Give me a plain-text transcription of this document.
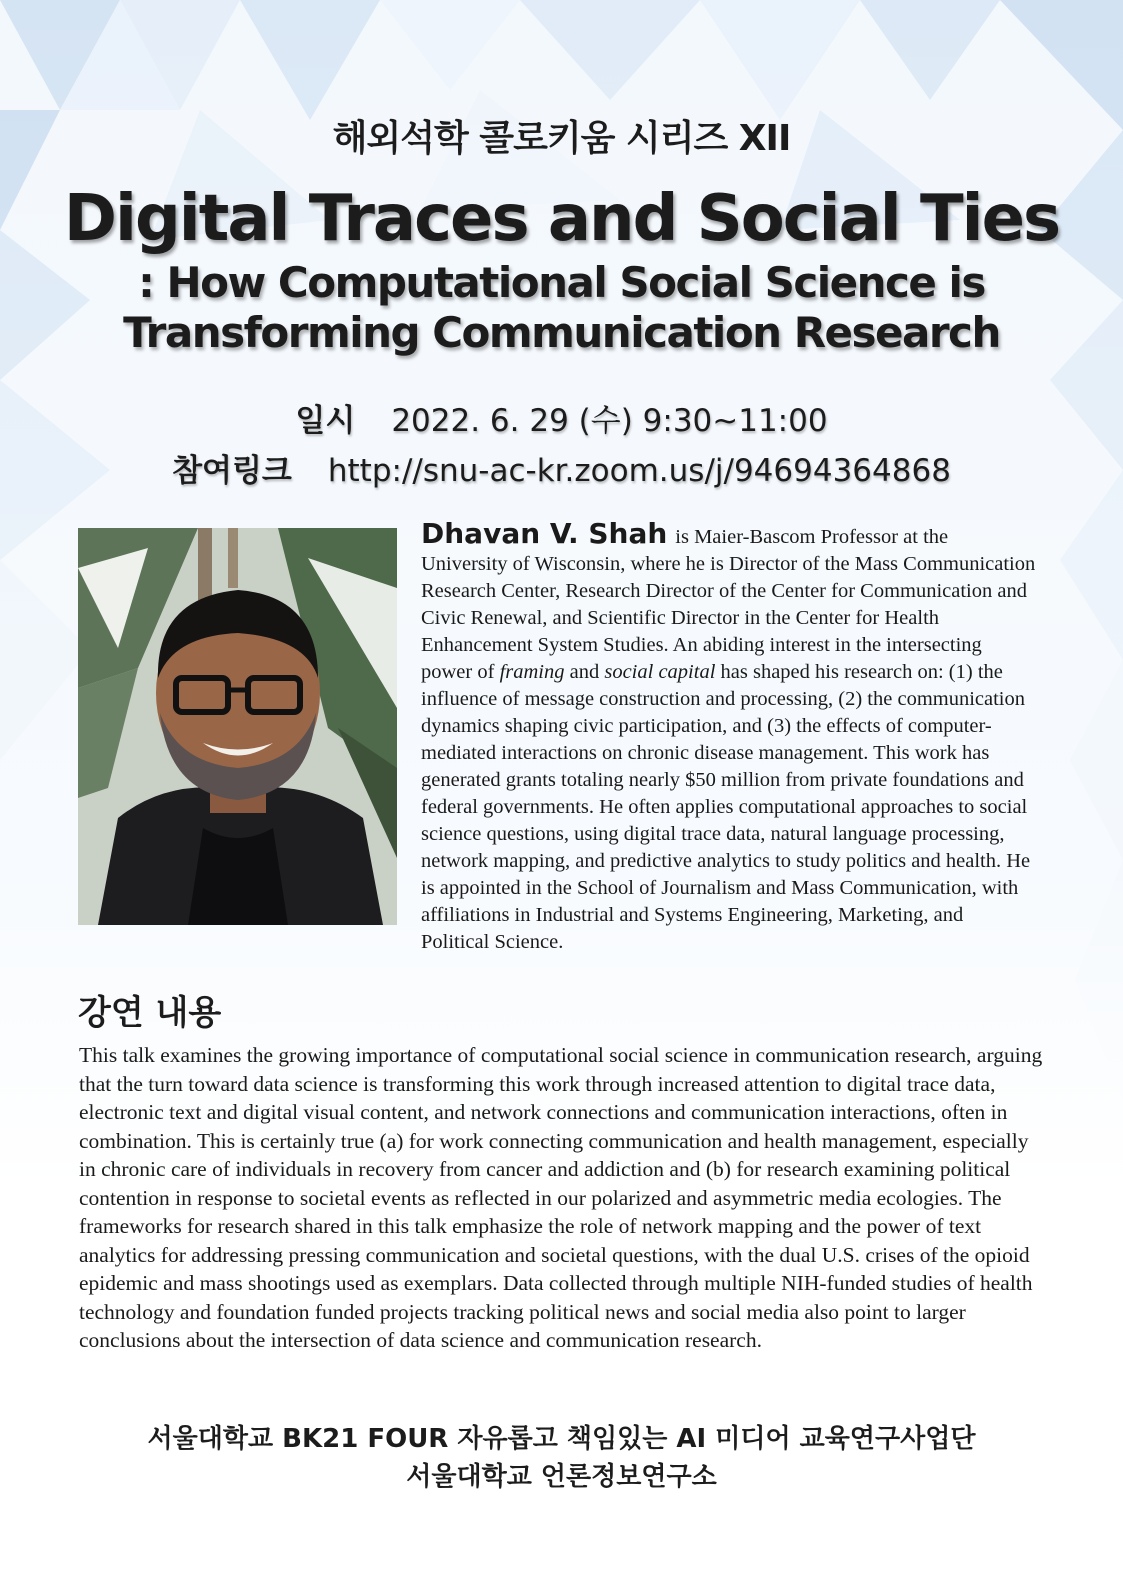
해외석학 콜로키움 시리즈 XII
Digital Traces and Social Ties
: How Computational Social Science is
Transforming Communication Research
일시 2022. 6. 29 (수) 9:30~11:00
참여링크 http://snu-ac-kr.zoom.us/j/94694364868
Dhavan V. Shah is Maier-Bascom Professor at the University of Wisconsin, where he is Director of the Mass Communication Research Center, Research Director of the Center for Communication and Civic Renewal, and Scientific Director in the Center for Health Enhancement System Studies. An abiding interest in the intersecting power of framing and social capital has shaped his research on: (1) the influence of message construction and processing, (2) the communication dynamics shaping civic participation, and (3) the effects of computer-mediated interactions on chronic disease management. This work has generated grants totaling nearly $50 million from private foundations and federal governments. He often applies computational approaches to social science questions, using digital trace data, natural language processing, network mapping, and predictive analytics to study politics and health. He is appointed in the School of Journalism and Mass Communication, with affiliations in Industrial and Systems Engineering, Marketing, and Political Science.
강연 내용
This talk examines the growing importance of computational social science in communication research, arguing that the turn toward data science is transforming this work through increased attention to digital trace data, electronic text and digital visual content, and network connections and communication interactions, often in combination. This is certainly true (a) for work connecting communication and health management, especially in chronic care of individuals in recovery from cancer and addiction and (b) for research examining political contention in response to societal events as reflected in our polarized and asymmetric media ecologies. The frameworks for research shared in this talk emphasize the role of network mapping and the power of text analytics for addressing pressing communication and societal questions, with the dual U.S. crises of the opioid epidemic and mass shootings used as exemplars. Data collected through multiple NIH-funded studies of health technology and foundation funded projects tracking political news and social media also point to larger conclusions about the intersection of data science and communication research.
서울대학교 BK21 FOUR 자유롭고 책임있는 AI 미디어 교육연구사업단
서울대학교 언론정보연구소
